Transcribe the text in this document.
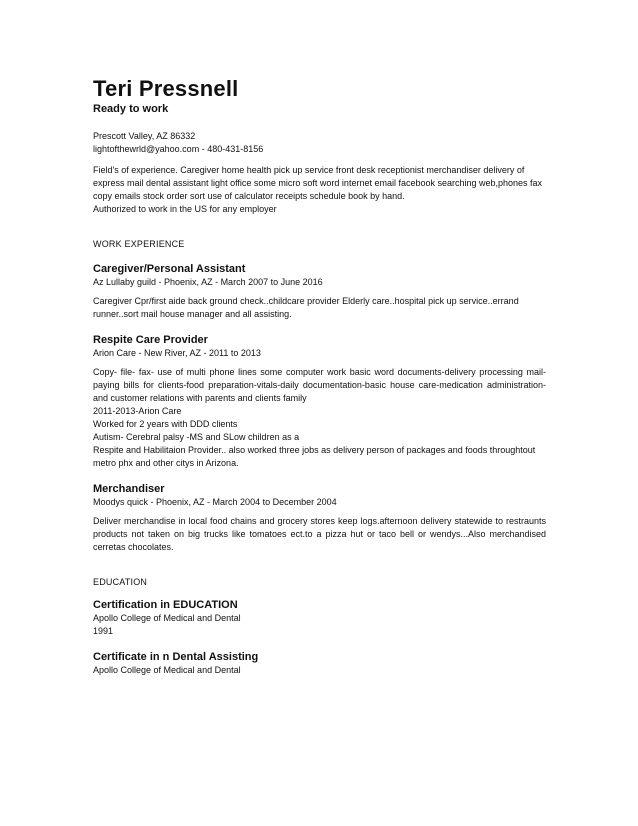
Teri Pressnell

Ready to work

Prescott Valley, AZ 86332

lightofthewrld@yahoo.com - 480-431-8156

Field's of experience. Caregiver home health pick up service front desk receptionist merchandiser delivery of express mail dental assistant light office some micro soft word internet email facebook searching web,phones fax copy emails stock order sort use of calculator receipts schedule book by hand.

Authorized to work in the US for any employer

WORK EXPERIENCE

Caregiver/Personal Assistant

Az Lullaby guild - Phoenix, AZ - March 2007 to June 2016

Caregiver Cpr/first aide back ground check..childcare provider Elderly care..hospital pick up service..errand runner..sort mail house manager and all assisting.

Respite Care Provider

Arion Care - New River, AZ - 2011 to 2013

Copy- file- fax- use of multi phone lines some computer work basic word documents-delivery processing mail-paying bills for clients-food preparation-vitals-daily documentation-basic house care-medication administration-and customer relations with parents and clients family

2011-2013-Arion Care

Worked for 2 years with DDD clients

Autism- Cerebral palsy -MS and SLow children as a

Respite and Habilitaion Provider.. also worked three jobs as delivery person of packages and foods throughtout metro phx and other citys in Arizona.

Merchandiser

Moodys quick - Phoenix, AZ - March 2004 to December 2004

Deliver merchandise in local food chains and grocery stores keep logs.afternoon delivery statewide to restraunts products not taken on big trucks like tomatoes ect.to a pizza hut or taco bell or wendys...Also merchandised cerretas chocolates.

EDUCATION

Certification in EDUCATION

Apollo College of Medical and Dental

1991

Certificate in n Dental Assisting

Apollo College of Medical and Dental
